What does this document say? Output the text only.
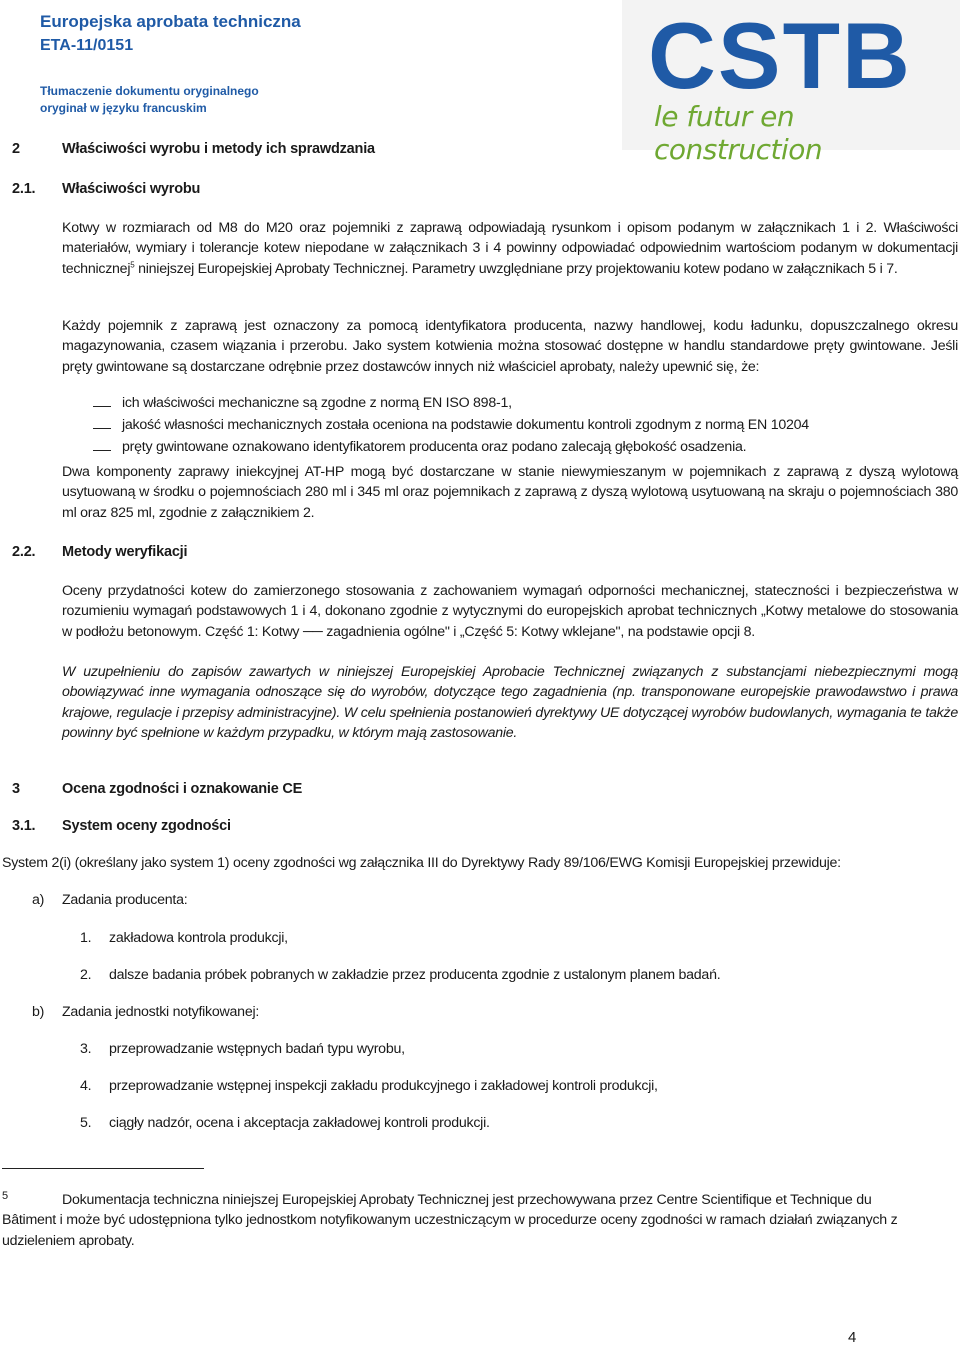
Europejska aprobata techniczna
ETA-11/0151
Tłumaczenie dokumentu oryginalnego
oryginał w języku francuskim	CSTB
le futur en construction
2	Właściwości wyrobu i metody ich sprawdzania
2.1. Właściwości wyrobu
Kotwy w rozmiarach od M8 do M20 oraz pojemniki z zaprawą odpowiadają rysunkom i opisom podanym w załącznikach 1 i 2. Właściwości materiałów, wymiary i tolerancje kotew niepodane w załącznikach 3 i 4 powinny odpowiadać odpowiednim wartościom podanym w dokumentacji technicznej$^5$ niniejszej Europejskiej Aprobaty Technicznej. Parametry uwzględniane przy projektowaniu kotew podano w załącznikach 5 i 7.
Każdy pojemnik z zaprawą jest oznaczony za pomocą identyfikatora producenta, nazwy handlowej, kodu ładunku, dopuszczalnego okresu magazynowania, czasem wiązania i przerobu. Jako system kotwienia można stosować dostępne w handlu standardowe pręty gwintowane. Jeśli pręty gwintowane są dostarczane odrębnie przez dostawców innych niż właściciel aprobaty, należy upewnić się, że:
ich właściwości mechaniczne są zgodne z normą EN ISO 898-1,
jakość własności mechanicznych została oceniona na podstawie dokumentu kontroli zgodnym z normą EN 10204
pręty gwintowane oznakowano identyfikatorem producenta oraz podano zalecają głębokość osadzenia.
Dwa komponenty zaprawy iniekcyjnej AT-HP mogą być dostarczane w stanie niewymieszanym w pojemnikach z zaprawą z dyszą wylotową usytuowaną w środku o pojemnościach 280 ml i 345 ml oraz pojemnikach z zaprawą z dyszą wylotową usytuowaną na skraju o pojemnościach 380 ml oraz 825 ml, zgodnie z załącznikiem 2.
2.2. Metody weryfikacji
Oceny przydatności kotew do zamierzonego stosowania z zachowaniem wymagań odporności mechanicznej, stateczności i bezpieczeństwa w rozumieniu wymagań podstawowych 1 i 4, dokonano zgodnie z wytycznymi do europejskich aprobat technicznych „Kotwy metalowe do stosowania w podłożu betonowym. Część 1: Kotwy ── zagadnienia ogólne" i „Część 5: Kotwy wklejane", na podstawie opcji 8.
W uzupełnieniu do zapisów zawartych w niniejszej Europejskiej Aprobacie Technicznej związanych z substancjami niebezpiecznymi mogą obowiązywać inne wymagania odnoszące się do wyrobów, dotyczące tego zagadnienia (np. transponowane europejskie prawodawstwo i prawa krajowe, regulacje i przepisy administracyjne). W celu spełnienia postanowień dyrektywy UE dotyczącej wyrobów budowlanych, wymagania te także powinny być spełnione w każdym przypadku, w którym mają zastosowanie.
3	Ocena zgodności i oznakowanie CE
3.1. System oceny zgodności
System 2(i) (określany jako system 1) oceny zgodności wg załącznika III do Dyrektywy Rady 89/106/EWG Komisji Europejskiej przewiduje:
a) Zadania producenta:
1. zakładowa kontrola produkcji,
2. dalsze badania próbek pobranych w zakładzie przez producenta zgodnie z ustalonym planem badań.
b) Zadania jednostki notyfikowanej:
3. przeprowadzanie wstępnych badań typu wyrobu,
4. przeprowadzanie wstępnej inspekcji zakładu produkcyjnego i zakładowej kontroli produkcji,
5. ciągły nadzór, ocena i akceptacja zakładowej kontroli produkcji.
5	Dokumentacja techniczna niniejszej Europejskiej Aprobaty Technicznej jest przechowywana przez Centre Scientifique et Technique du
Bâtiment i może być udostępniona tylko jednostkom notyfikowanym uczestniczącym w procedurze oceny zgodności w ramach działań związanych z udzieleniem aprobaty.
4
